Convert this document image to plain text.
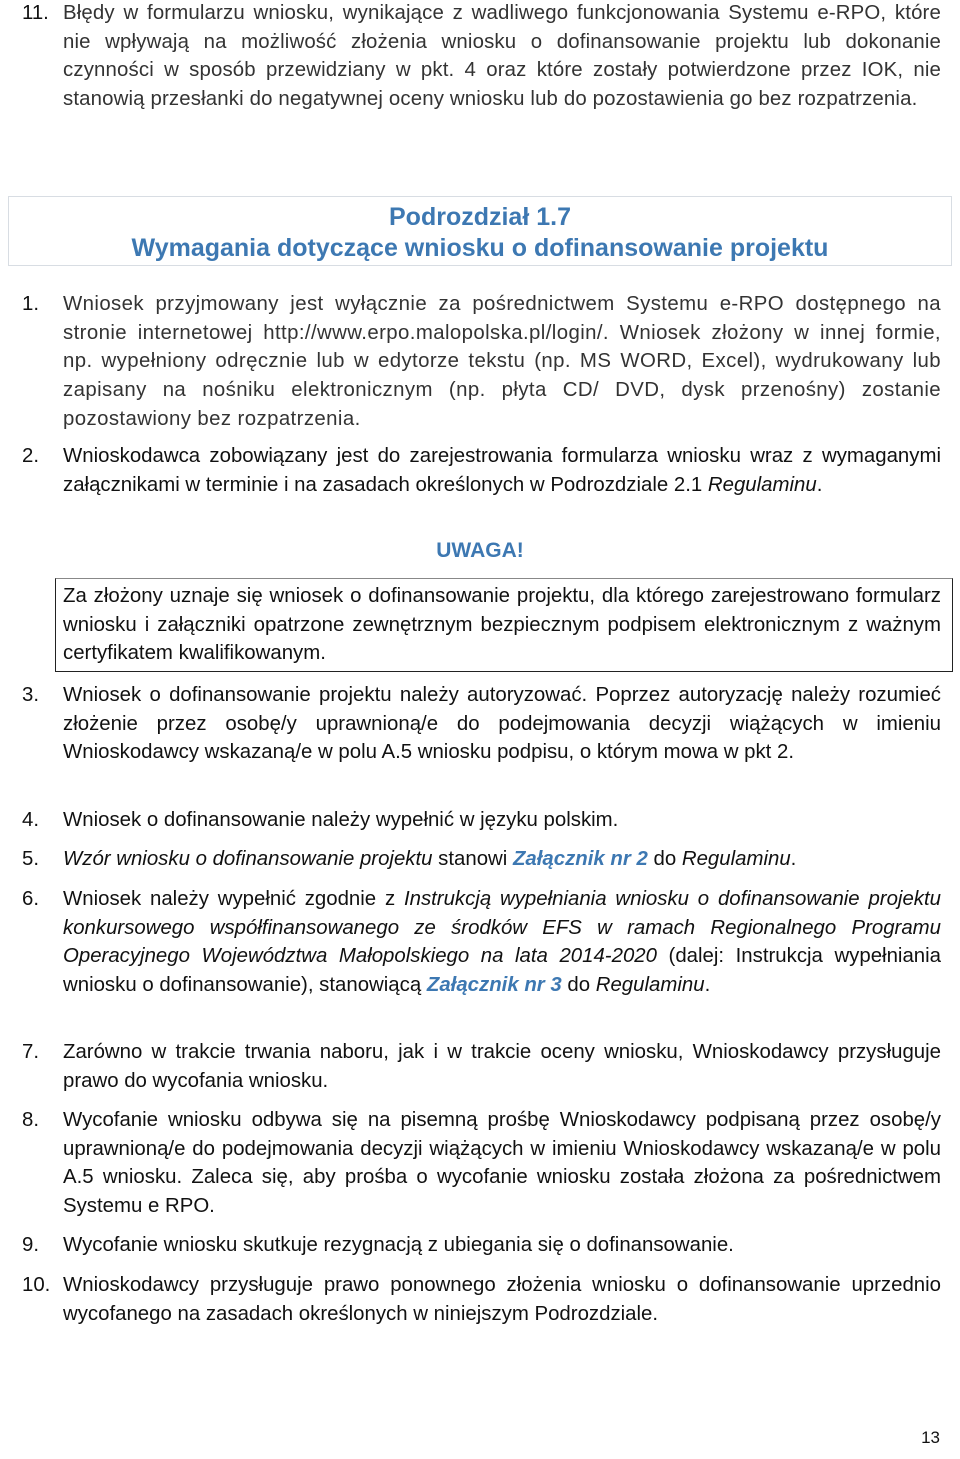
11. Błędy w formularzu wniosku, wynikające z wadliwego funkcjonowania Systemu e-RPO, które nie wpływają na możliwość złożenia wniosku o dofinansowanie projektu lub dokonanie czynności w sposób przewidziany w pkt. 4 oraz które zostały potwierdzone przez IOK, nie stanowią przesłanki do negatywnej oceny wniosku lub do pozostawienia go bez rozpatrzenia.

Podrozdział 1.7
Wymagania dotyczące wniosku o dofinansowanie projektu
1. Wniosek przyjmowany jest wyłącznie za pośrednictwem Systemu e-RPO dostępnego na stronie internetowej http://www.erpo.malopolska.pl/login/. Wniosek złożony w innej formie, np. wypełniony odręcznie lub w edytorze tekstu (np. MS WORD, Excel), wydrukowany lub zapisany na nośniku elektronicznym (np. płyta CD/ DVD, dysk przenośny) zostanie pozostawiony bez rozpatrzenia.

2. Wnioskodawca zobowiązany jest do zarejestrowania formularza wniosku wraz z wymaganymi załącznikami w terminie i na zasadach określonych w Podrozdziale 2.1 Regulaminu.

UWAGA!

Za złożony uznaje się wniosek o dofinansowanie projektu, dla którego zarejestrowano formularz wniosku i załączniki opatrzone zewnętrznym bezpiecznym podpisem elektronicznym z ważnym certyfikatem kwalifikowanym.

3. Wniosek o dofinansowanie projektu należy autoryzować. Poprzez autoryzację należy rozumieć złożenie przez osobę/y uprawnioną/e do podejmowania decyzji wiążących w imieniu Wnioskodawcy wskazaną/e w polu A.5 wniosku podpisu, o którym mowa w pkt 2.

4. Wniosek o dofinansowanie należy wypełnić w języku polskim.

5. Wzór wniosku o dofinansowanie projektu stanowi Załącznik nr 2 do Regulaminu.

6. Wniosek należy wypełnić zgodnie z Instrukcją wypełniania wniosku o dofinansowanie projektu konkursowego współfinansowanego ze środków EFS w ramach Regionalnego Programu Operacyjnego Województwa Małopolskiego na lata 2014-2020 (dalej: Instrukcja wypełniania wniosku o dofinansowanie), stanowiącą Załącznik nr 3 do Regulaminu.

7. Zarówno w trakcie trwania naboru, jak i w trakcie oceny wniosku, Wnioskodawcy przysługuje prawo do wycofania wniosku.

8. Wycofanie wniosku odbywa się na pisemną prośbę Wnioskodawcy podpisaną przez osobę/y uprawnioną/e do podejmowania decyzji wiążących w imieniu Wnioskodawcy wskazaną/e w polu A.5 wniosku. Zaleca się, aby prośba o wycofanie wniosku została złożona za pośrednictwem Systemu e RPO.

9. Wycofanie wniosku skutkuje rezygnacją z ubiegania się o dofinansowanie.

10. Wnioskodawcy przysługuje prawo ponownego złożenia wniosku o dofinansowanie uprzednio wycofanego na zasadach określonych w niniejszym Podrozdziale.

13
